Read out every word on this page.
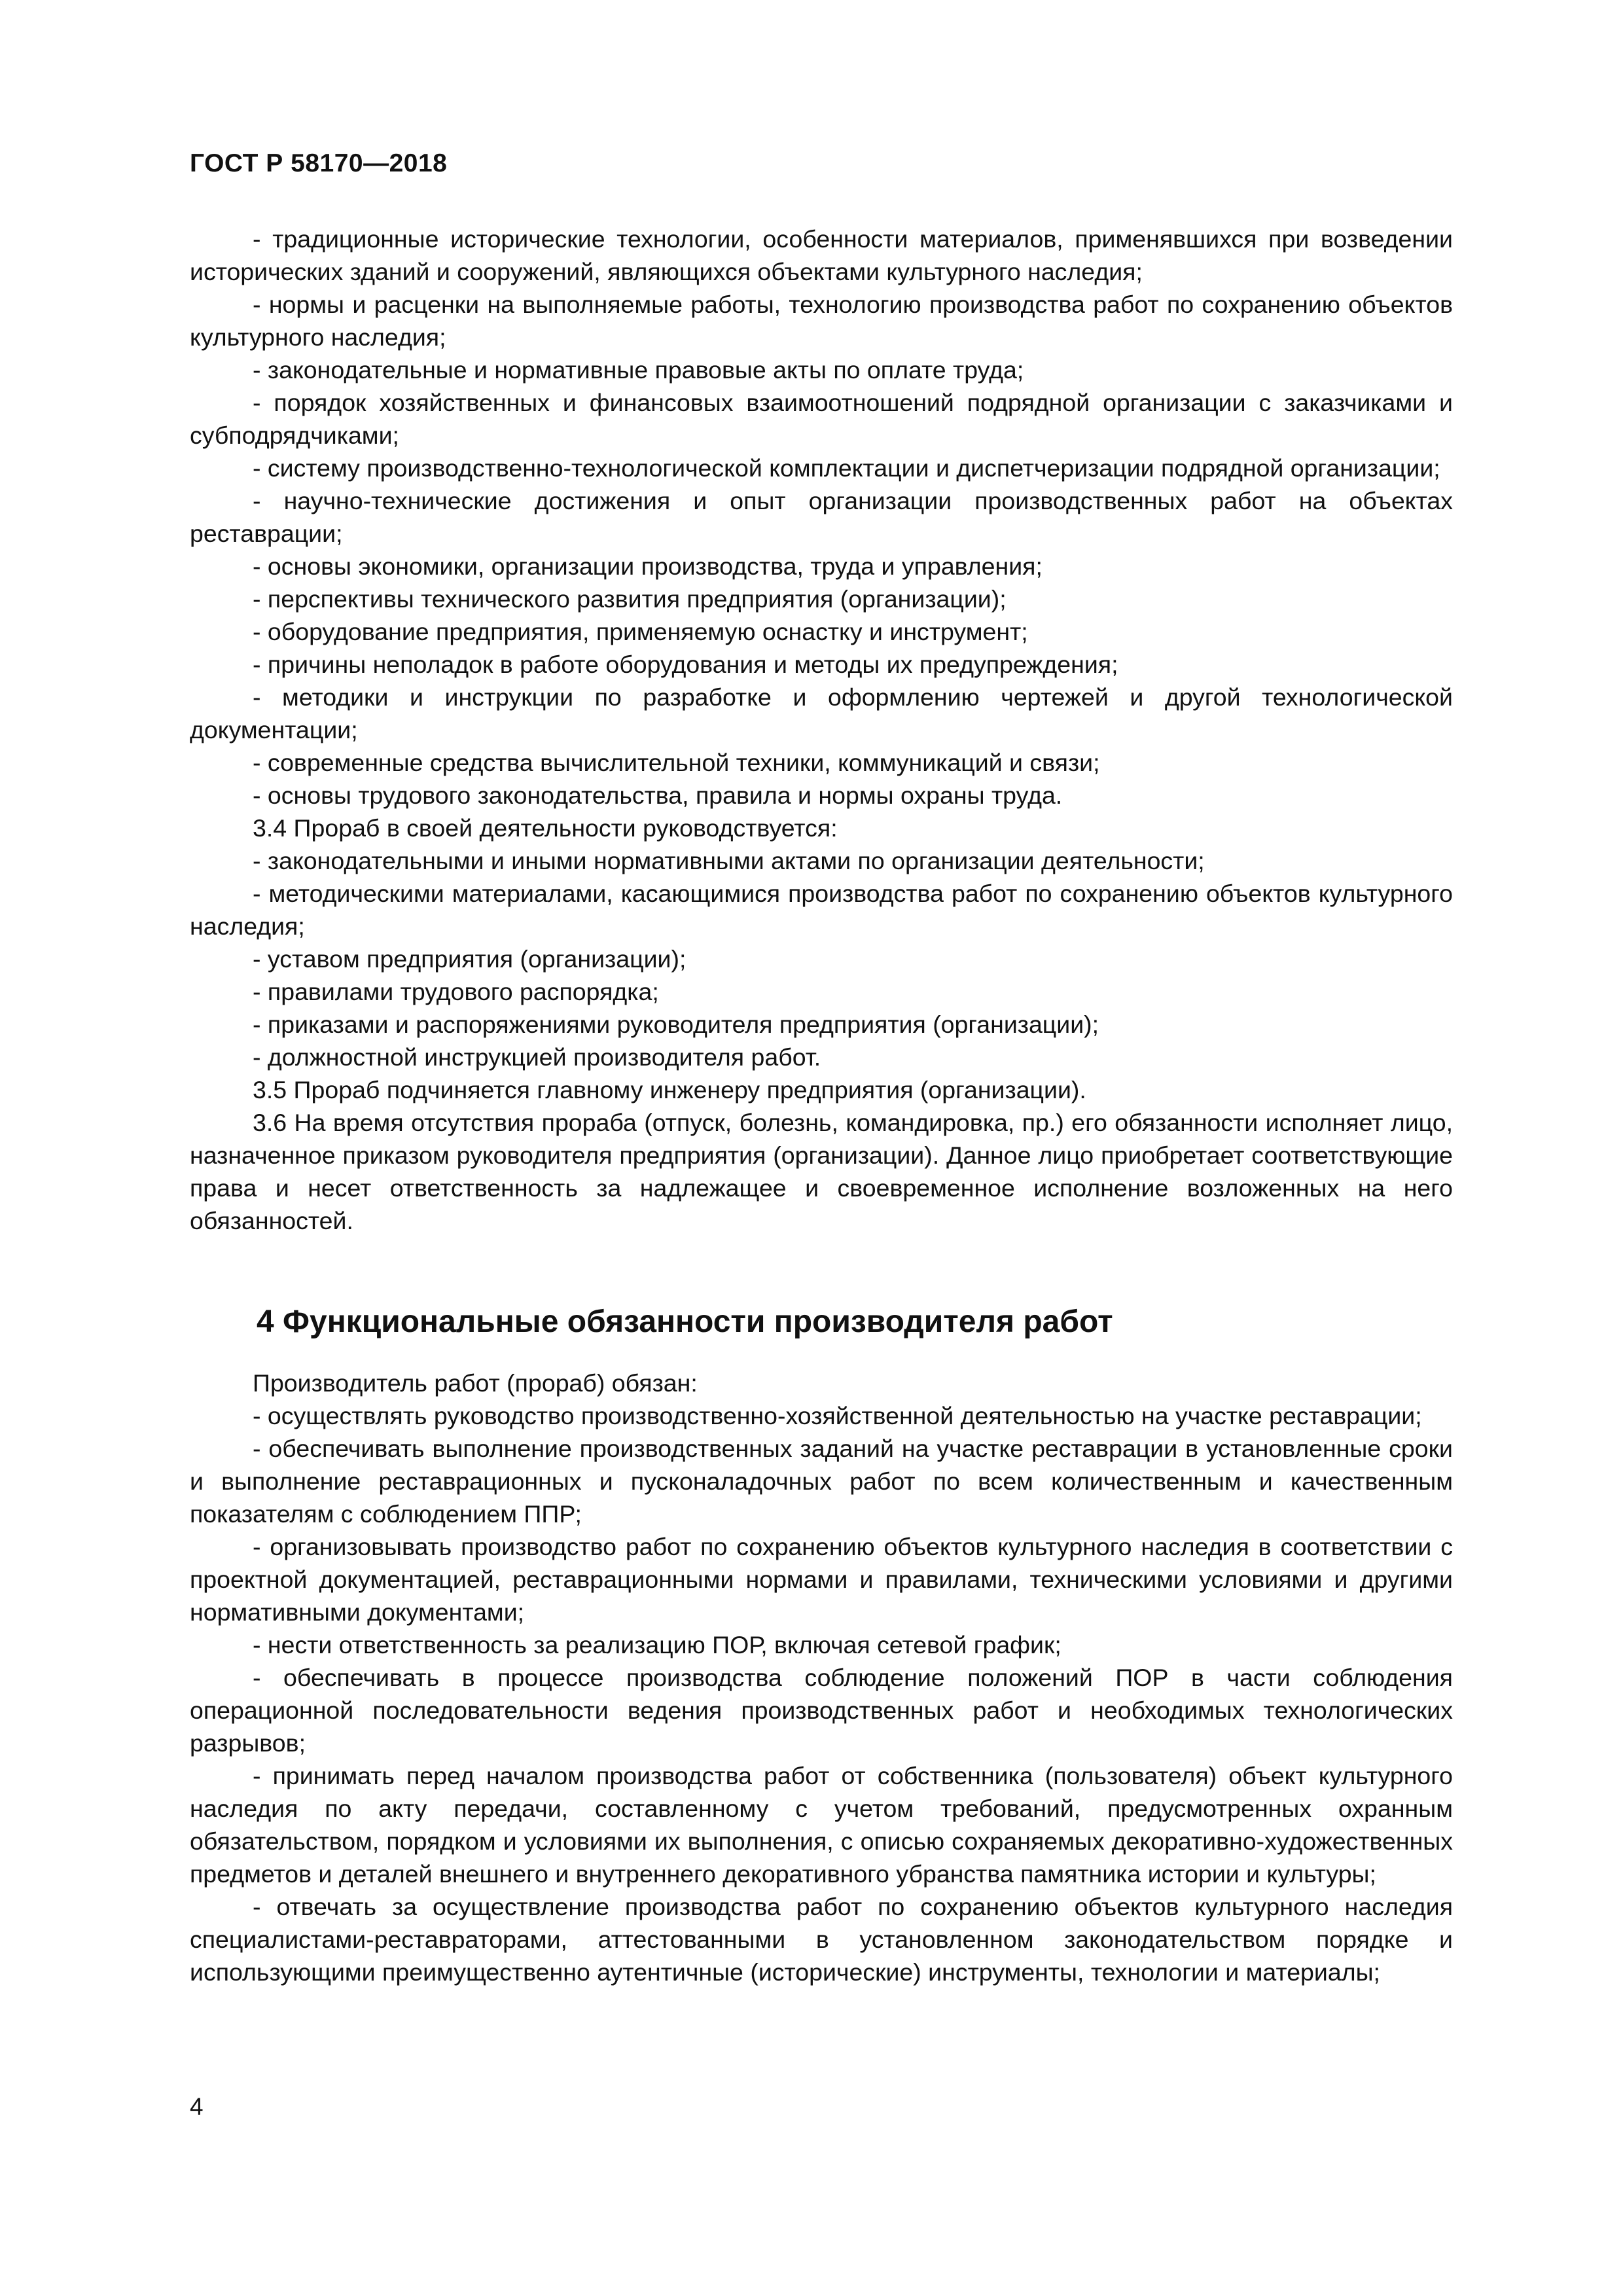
ГОСТ Р 58170—2018

- традиционные исторические технологии, особенности материалов, применявшихся при возведении исторических зданий и сооружений, являющихся объектами культурного наследия;

- нормы и расценки на выполняемые работы, технологию производства работ по сохранению объектов культурного наследия;

- законодательные и нормативные правовые акты по оплате труда;

- порядок хозяйственных и финансовых взаимоотношений подрядной организации с заказчиками и субподрядчиками;

- систему производственно-технологической комплектации и диспетчеризации подрядной организации;

- научно-технические достижения и опыт организации производственных работ на объектах реставрации;

- основы экономики, организации производства, труда и управления;

- перспективы технического развития предприятия (организации);

- оборудование предприятия, применяемую оснастку и инструмент;

- причины неполадок в работе оборудования и методы их предупреждения;

- методики и инструкции по разработке и оформлению чертежей и другой технологической документации;

- современные средства вычислительной техники, коммуникаций и связи;

- основы трудового законодательства, правила и нормы охраны труда.

3.4 Прораб в своей деятельности руководствуется:

- законодательными и иными нормативными актами по организации деятельности;

- методическими материалами, касающимися производства работ по сохранению объектов культурного наследия;

- уставом предприятия (организации);

- правилами трудового распорядка;

- приказами и распоряжениями руководителя предприятия (организации);

- должностной инструкцией производителя работ.

3.5 Прораб подчиняется главному инженеру предприятия (организации).

3.6 На время отсутствия прораба (отпуск, болезнь, командировка, пр.) его обязанности исполняет лицо, назначенное приказом руководителя предприятия (организации). Данное лицо приобретает соответствующие права и несет ответственность за надлежащее и своевременное исполнение возложенных на него обязанностей.

4 Функциональные обязанности производителя работ

Производитель работ (прораб) обязан:

- осуществлять руководство производственно-хозяйственной деятельностью на участке реставрации;

- обеспечивать выполнение производственных заданий на участке реставрации в установленные сроки и выполнение реставрационных и пусконаладочных работ по всем количественным и качественным показателям с соблюдением ППР;

- организовывать производство работ по сохранению объектов культурного наследия в соответствии с проектной документацией, реставрационными нормами и правилами, техническими условиями и другими нормативными документами;

- нести ответственность за реализацию ПОР, включая сетевой график;

- обеспечивать в процессе производства соблюдение положений ПОР в части соблюдения операционной последовательности ведения производственных работ и необходимых технологических разрывов;

- принимать перед началом производства работ от собственника (пользователя) объект культурного наследия по акту передачи, составленному с учетом требований, предусмотренных охранным обязательством, порядком и условиями их выполнения, с описью сохраняемых декоративно-художественных предметов и деталей внешнего и внутреннего декоративного убранства памятника истории и культуры;

- отвечать за осуществление производства работ по сохранению объектов культурного наследия специалистами-реставраторами, аттестованными в установленном законодательством порядке и использующими преимущественно аутентичные (исторические) инструменты, технологии и материалы;

4
